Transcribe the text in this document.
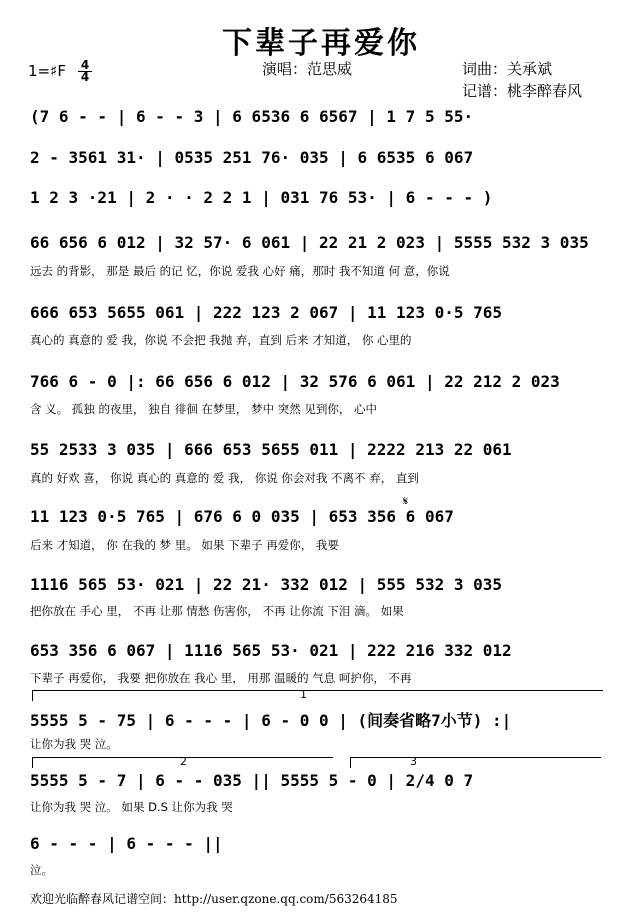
下辈子再爱你
1=♯F 4
4	演唱：范思威	词曲：关承斌
记谱：桃李醉春风
(7 6 - - | 6 - - 3 | 6 6536 6 6567 | 1 7 5 55·
2 - 3561 31· | 0535 251 76· 035 | 6 6535 6 067
1 2 3 ·21 | 2 · · 2 2 1 | 031 76 53· | 6 - - - )
66 656 6 012 | 32 57· 6 061 | 22 21 2 023 | 5555 532 3 035
远去 的背影， 那是 最后 的记 忆，你说 爱我 心好 痛，那时 我不知道 何 意，你说
666 653 5655 061 | 222 123 2 067 | 11 123 0·5 765
真心的 真意的 爱 我，你说 不会把 我抛 弃，直到 后来 才知道， 你 心里的
766 6 - 0 |: 66 656 6 012 | 32 576 6 061 | 22 212 2 023
含 义。 孤独 的夜里， 独自 徘徊 在梦里， 梦中 突然 见到你， 心中
55 2533 3 035 | 666 653 5655 011 | 2222 213 22 061
真的 好欢 喜， 你说 真心的 真意的 爱 我， 你说 你会对我 不离不 弃， 直到
𝄋
11 123 0·5 765 | 676 6 0 035 | 653 356 6 067
后来 才知道， 你 在我的 梦 里。 如果 下辈子 再爱你， 我要
1116 565 53· 021 | 22 21· 332 012 | 555 532 3 035
把你放在 手心 里， 不再 让那 情愁 伤害你， 不再 让你流 下泪 滴。 如果
653 356 6 067 | 1116 565 53· 021 | 222 216 332 012
下辈子 再爱你， 我要 把你放在 我心 里， 用那 温暖的 气息 呵护你， 不再
1
5555 5 - 75 | 6 - - - | 6 - 0 0 | (间奏省略7小节) :|
让你为我 哭 泣。
2	3
5555 5 - 7 | 6 - - 035 || 5555 5 - 0 | 2/4 0 7
让你为我 哭 泣。 如果 D.S 让你为我 哭
6 - - - | 6 - - - ||
泣。
欢迎光临醉春风记谱空间：http://user.qzone.qq.com/563264185
